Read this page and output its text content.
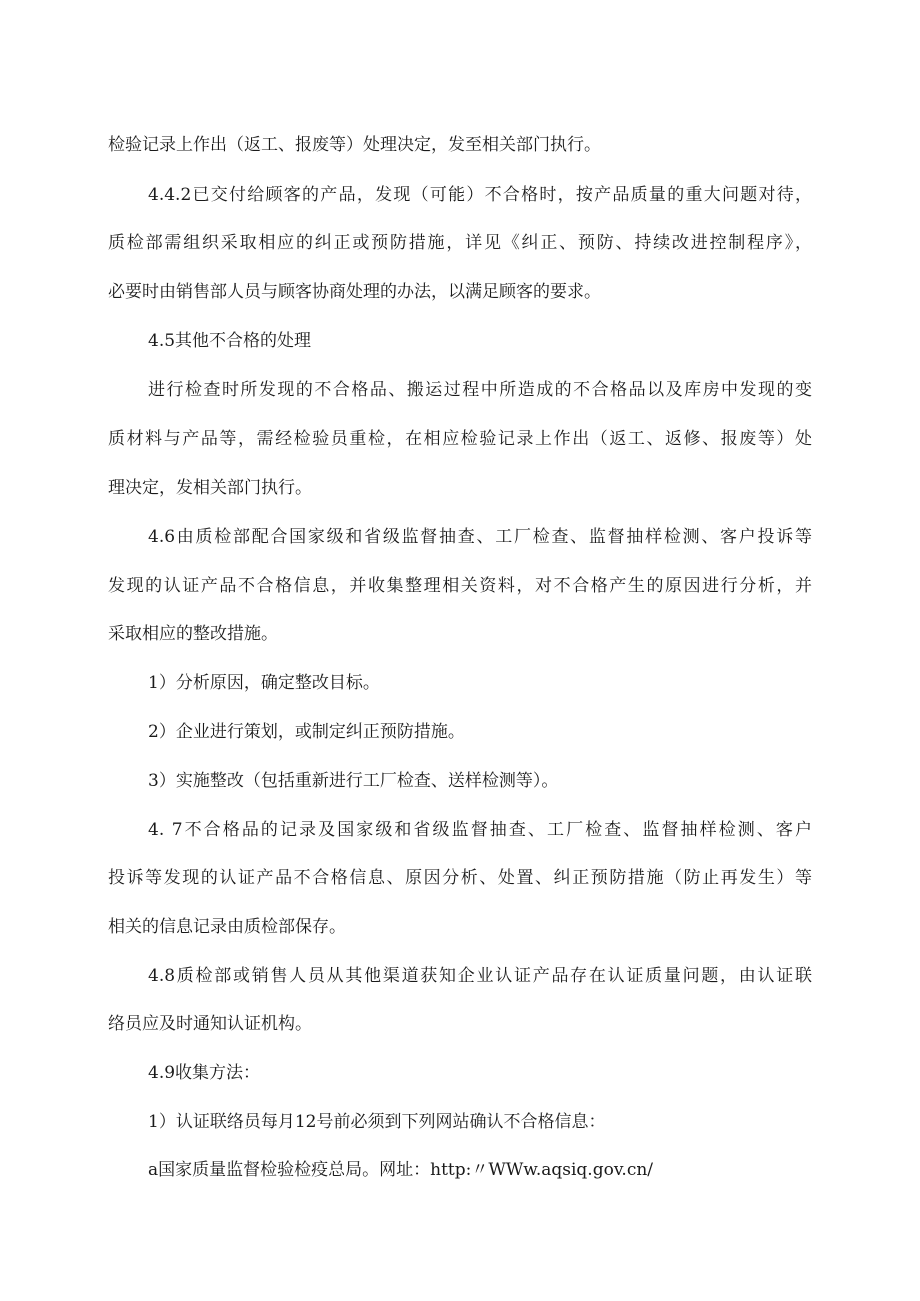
检验记录上作出（返工、报废等）处理决定，发至相关部门执行。
4.4.2已交付给顾客的产品，发现（可能）不合格时，按产品质量的重大问题对待，
质检部需组织采取相应的纠正或预防措施，详见《纠正、预防、持续改进控制程序》，
必要时由销售部人员与顾客协商处理的办法，以满足顾客的要求。
4.5其他不合格的处理
进行检查时所发现的不合格品、搬运过程中所造成的不合格品以及库房中发现的变
质材料与产品等，需经检验员重检，在相应检验记录上作出（返工、返修、报废等）处
理决定，发相关部门执行。
4.6由质检部配合国家级和省级监督抽查、工厂检查、监督抽样检测、客户投诉等
发现的认证产品不合格信息，并收集整理相关资料，对不合格产生的原因进行分析，并
采取相应的整改措施。
1）分析原因，确定整改目标。
2）企业进行策划，或制定纠正预防措施。
3）实施整改（包括重新进行工厂检查、送样检测等）。
4. 7不合格品的记录及国家级和省级监督抽查、工厂检查、监督抽样检测、客户
投诉等发现的认证产品不合格信息、原因分析、处置、纠正预防措施（防止再发生）等
相关的信息记录由质检部保存。
4.8质检部或销售人员从其他渠道获知企业认证产品存在认证质量问题，由认证联
络员应及时通知认证机构。
4.9收集方法：
1）认证联络员每月12号前必须到下列网站确认不合格信息：
a国家质量监督检验检疫总局。网址：http:〃WWw.aqsiq.gov.cn/
